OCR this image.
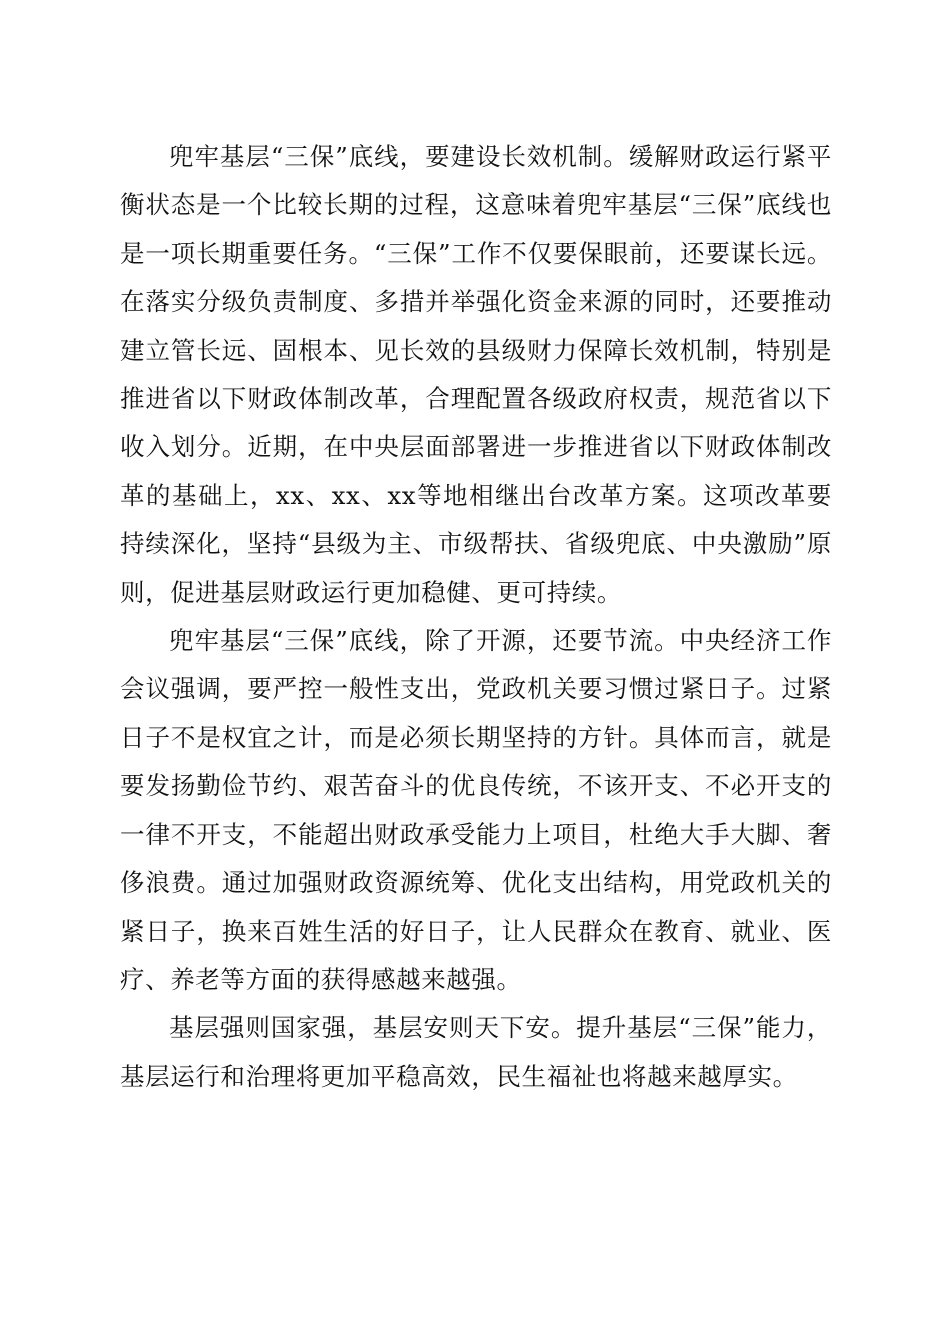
兜牢基层“三保”底线，要建设长效机制。缓解财政运行紧平衡状态是一个比较长期的过程，这意味着兜牢基层“三保”底线也是一项长期重要任务。“三保”工作不仅要保眼前，还要谋长远。在落实分级负责制度、多措并举强化资金来源的同时，还要推动建立管长远、固根本、见长效的县级财力保障长效机制，特别是推进省以下财政体制改革，合理配置各级政府权责，规范省以下收入划分。近期，在中央层面部署进一步推进省以下财政体制改革的基础上，xx、xx、xx等地相继出台改革方案。这项改革要持续深化，坚持“县级为主、市级帮扶、省级兜底、中央激励”原则，促进基层财政运行更加稳健、更可持续。

兜牢基层“三保”底线，除了开源，还要节流。中央经济工作会议强调，要严控一般性支出，党政机关要习惯过紧日子。过紧日子不是权宜之计，而是必须长期坚持的方针。具体而言，就是要发扬勤俭节约、艰苦奋斗的优良传统，不该开支、不必开支的一律不开支，不能超出财政承受能力上项目，杜绝大手大脚、奢侈浪费。通过加强财政资源统筹、优化支出结构，用党政机关的紧日子，换来百姓生活的好日子，让人民群众在教育、就业、医疗、养老等方面的获得感越来越强。

基层强则国家强，基层安则天下安。提升基层“三保”能力，基层运行和治理将更加平稳高效，民生福祉也将越来越厚实。
